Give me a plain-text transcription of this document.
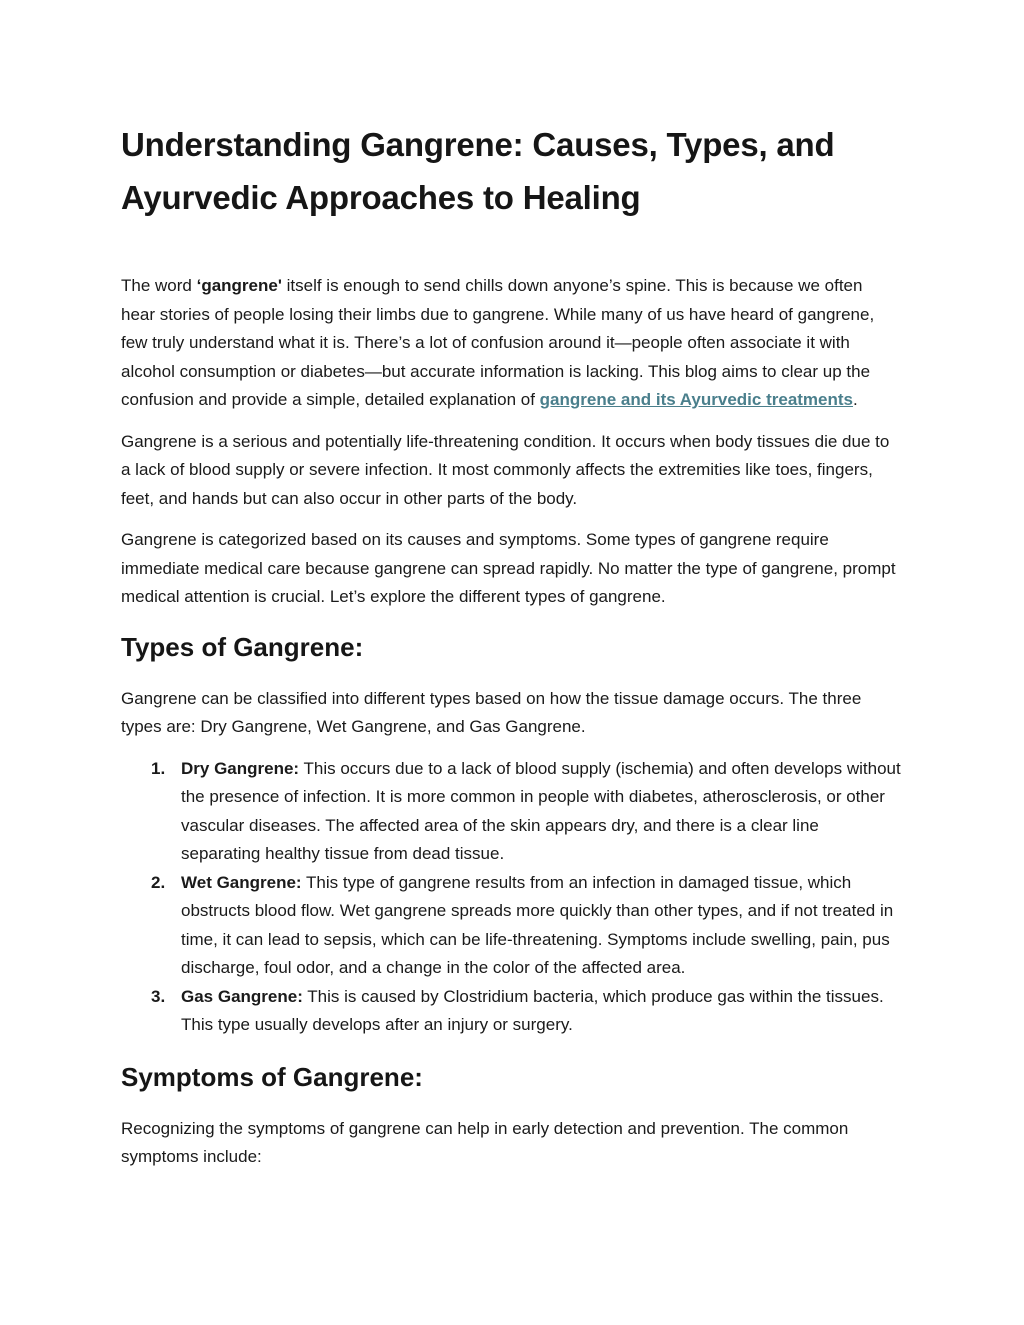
Understanding Gangrene: Causes, Types, and Ayurvedic Approaches to Healing

The word ‘gangrene' itself is enough to send chills down anyone’s spine. This is because we often hear stories of people losing their limbs due to gangrene. While many of us have heard of gangrene, few truly understand what it is. There’s a lot of confusion around it—people often associate it with alcohol consumption or diabetes—but accurate information is lacking. This blog aims to clear up the confusion and provide a simple, detailed explanation of gangrene and its Ayurvedic treatments.

Gangrene is a serious and potentially life-threatening condition. It occurs when body tissues die due to a lack of blood supply or severe infection. It most commonly affects the extremities like toes, fingers, feet, and hands but can also occur in other parts of the body.

Gangrene is categorized based on its causes and symptoms. Some types of gangrene require immediate medical care because gangrene can spread rapidly. No matter the type of gangrene, prompt medical attention is crucial. Let’s explore the different types of gangrene.

Types of Gangrene:

Gangrene can be classified into different types based on how the tissue damage occurs. The three types are: Dry Gangrene, Wet Gangrene, and Gas Gangrene.

1. Dry Gangrene: This occurs due to a lack of blood supply (ischemia) and often develops without the presence of infection. It is more common in people with diabetes, atherosclerosis, or other vascular diseases. The affected area of the skin appears dry, and there is a clear line separating healthy tissue from dead tissue.
2. Wet Gangrene: This type of gangrene results from an infection in damaged tissue, which obstructs blood flow. Wet gangrene spreads more quickly than other types, and if not treated in time, it can lead to sepsis, which can be life-threatening. Symptoms include swelling, pain, pus discharge, foul odor, and a change in the color of the affected area.
3. Gas Gangrene: This is caused by Clostridium bacteria, which produce gas within the tissues. This type usually develops after an injury or surgery.
Symptoms of Gangrene:

Recognizing the symptoms of gangrene can help in early detection and prevention. The common symptoms include:
